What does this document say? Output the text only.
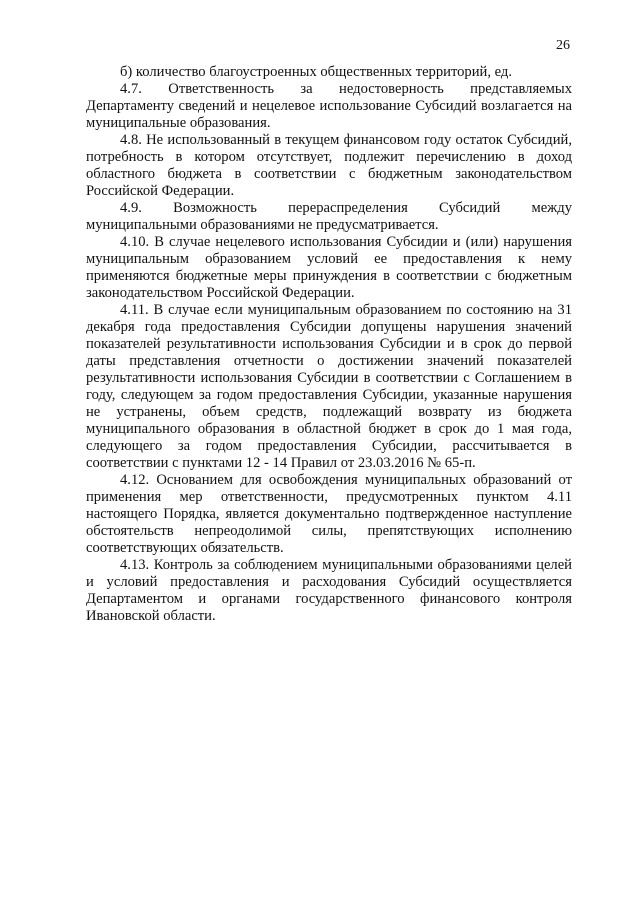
26

б) количество благоустроенных общественных территорий, ед.

4.7. Ответственность за недостоверность представляемых Департаменту сведений и нецелевое использование Субсидий возлагается на муниципальные образования.

4.8. Не использованный в текущем финансовом году остаток Субсидий, потребность в котором отсутствует, подлежит перечислению в доход областного бюджета в соответствии с бюджетным законодательством Российской Федерации.

4.9. Возможность перераспределения Субсидий между муниципальными образованиями не предусматривается.

4.10. В случае нецелевого использования Субсидии и (или) нарушения муниципальным образованием условий ее предоставления к нему применяются бюджетные меры принуждения в соответствии с бюджетным законодательством Российской Федерации.

4.11. В случае если муниципальным образованием по состоянию на 31 декабря года предоставления Субсидии допущены нарушения значений показателей результативности использования Субсидии и в срок до первой даты представления отчетности о достижении значений показателей результативности использования Субсидии в соответствии с Соглашением в году, следующем за годом предоставления Субсидии, указанные нарушения не устранены, объем средств, подлежащий возврату из бюджета муниципального образования в областной бюджет в срок до 1 мая года, следующего за годом предоставления Субсидии, рассчитывается в соответствии с пунктами 12 - 14 Правил от 23.03.2016 № 65-п.

4.12. Основанием для освобождения муниципальных образований от применения мер ответственности, предусмотренных пунктом 4.11 настоящего Порядка, является документально подтвержденное наступление обстоятельств непреодолимой силы, препятствующих исполнению соответствующих обязательств.

4.13. Контроль за соблюдением муниципальными образованиями целей и условий предоставления и расходования Субсидий осуществляется Департаментом и органами государственного финансового контроля Ивановской области.
